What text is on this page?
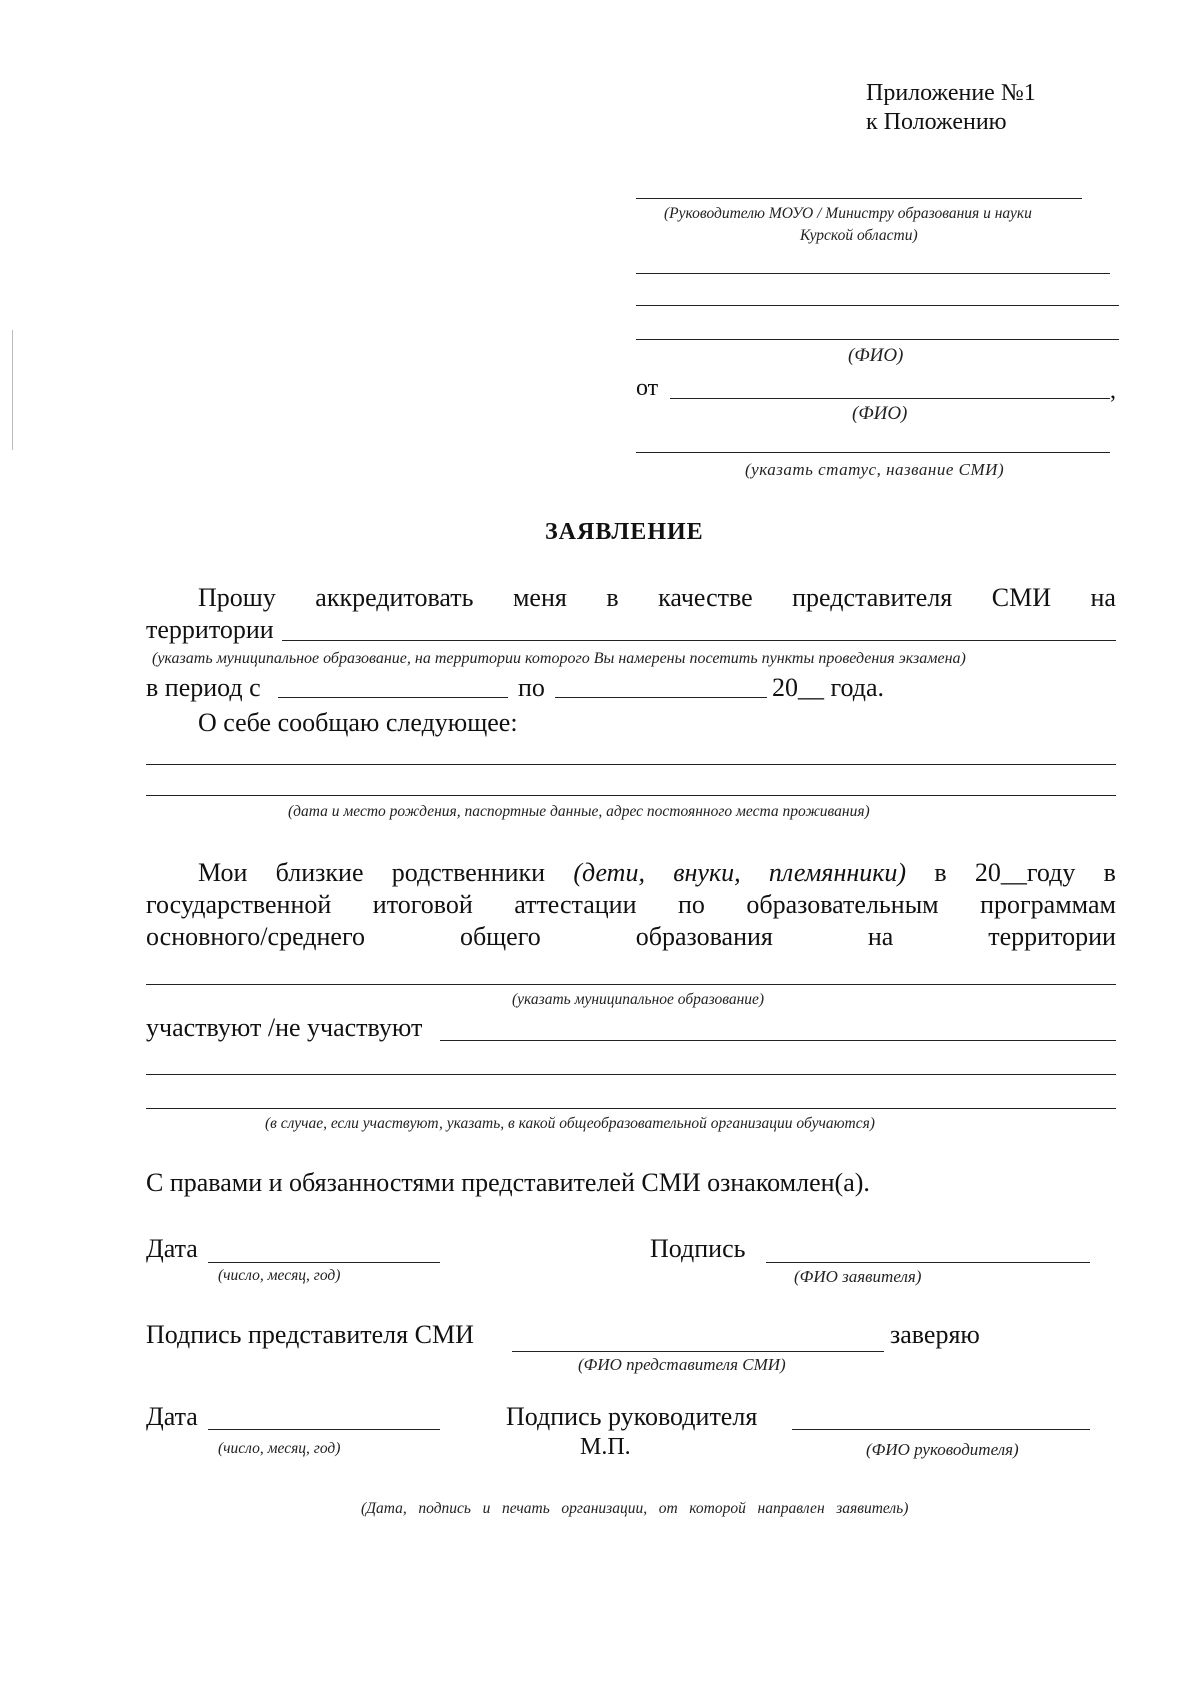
Приложение №1
к Положению
(Руководителю МОУО / Министру образования и науки
Курской области)
(ФИО)
от	,
(ФИО)
(указать статус, название СМИ)
ЗАЯВЛЕНИЕ
Прошу аккредитовать меня в качестве представителя СМИ на
территории
(указать муниципальное образование, на территории которого Вы намерены посетить пункты проведения экзамена)
в период с	по	20__ года.
О себе сообщаю следующее:
(дата и место рождения, паспортные данные, адрес постоянного места проживания)
Мои близкие родственники (дети, внуки, племянники) в 20__году в
государственной итоговой аттестации по образовательным программам
основного/среднего	общего	образования	на	территории
(указать муниципальное образование)
участвуют /не участвуют
(в случае, если участвуют, указать, в какой общеобразовательной организации обучаются)
С правами и обязанностями представителей СМИ ознакомлен(а).
Дата
(число, месяц, год)
Подпись
(ФИО заявителя)
Подпись представителя СМИ	заверяю
(ФИО представителя СМИ)
Дата	Подпись руководителя
(число, месяц, год)	М.П.	(ФИО руководителя)
(Дата,   подпись   и   печать   организации,   от   которой   направлен   заявитель)
